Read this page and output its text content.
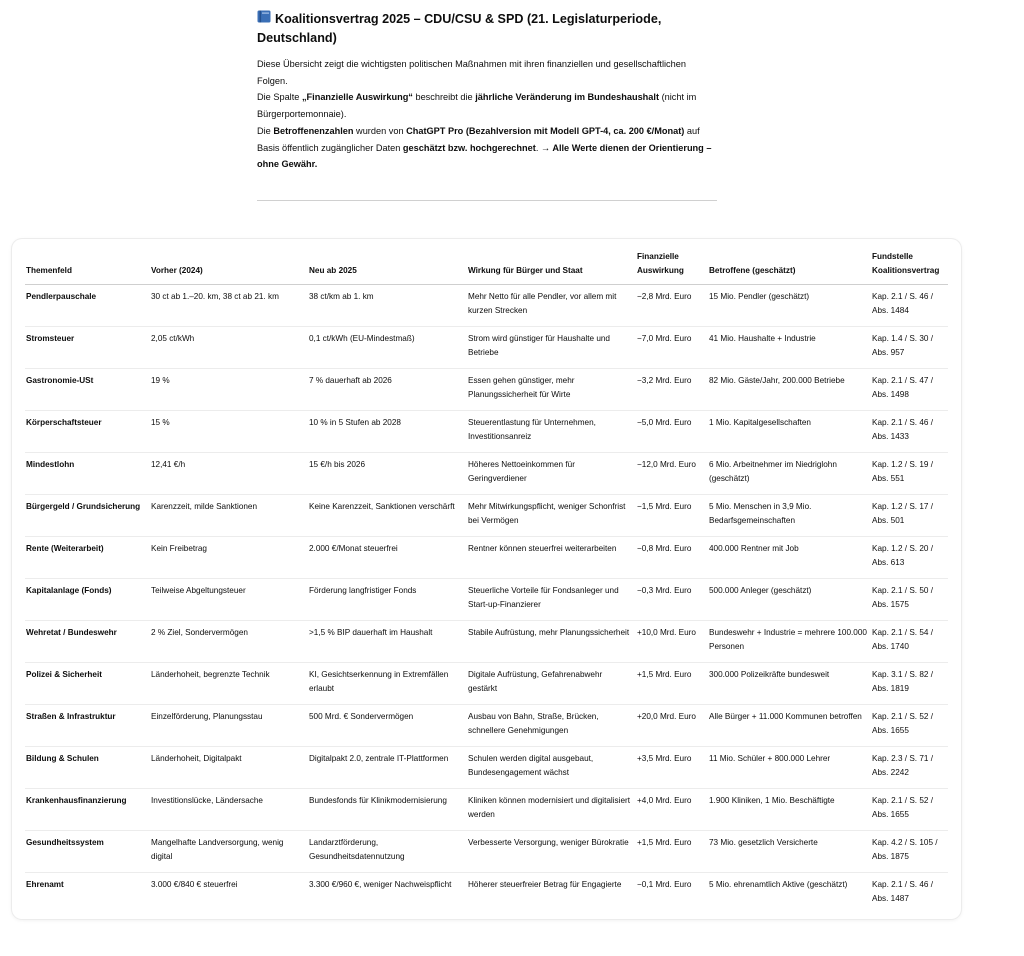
Koalitionsvertrag 2025 – CDU/CSU & SPD (21. Legislaturperiode, Deutschland)

Diese Übersicht zeigt die wichtigsten politischen Maßnahmen mit ihren finanziellen und gesellschaftlichen Folgen.

Die Spalte „Finanzielle Auswirkung“ beschreibt die jährliche Veränderung im Bundeshaushalt (nicht im Bürgerportemonnaie).

Die Betroffenenzahlen wurden von ChatGPT Pro (Bezahlversion mit Modell GPT-4, ca. 200 €/Monat) auf Basis öffentlich zugänglicher Daten geschätzt bzw. hochgerechnet. → Alle Werte dienen der Orientierung – ohne Gewähr.

Themenfeld	Vorher (2024)	Neu ab 2025	Wirkung für Bürger und Staat	Finanzielle Auswirkung	Betroffene (geschätzt)	Fundstelle Koalitionsvertrag
Pendlerpauschale	30 ct ab 1.–20. km, 38 ct ab 21. km	38 ct/km ab 1. km	Mehr Netto für alle Pendler, vor allem mit kurzen Strecken	−2,8 Mrd. Euro	15 Mio. Pendler (geschätzt)	Kap. 2.1 / S. 46 / Abs. 1484
Stromsteuer	2,05 ct/kWh	0,1 ct/kWh (EU-Mindestmaß)	Strom wird günstiger für Haushalte und Betriebe	−7,0 Mrd. Euro	41 Mio. Haushalte + Industrie	Kap. 1.4 / S. 30 / Abs. 957
Gastronomie-USt	19 %	7 % dauerhaft ab 2026	Essen gehen günstiger, mehr Planungssicherheit für Wirte	−3,2 Mrd. Euro	82 Mio. Gäste/Jahr, 200.000 Betriebe	Kap. 2.1 / S. 47 / Abs. 1498
Körperschaftsteuer	15 %	10 % in 5 Stufen ab 2028	Steuerentlastung für Unternehmen, Investitionsanreiz	−5,0 Mrd. Euro	1 Mio. Kapitalgesellschaften	Kap. 2.1 / S. 46 / Abs. 1433
Mindestlohn	12,41 €/h	15 €/h bis 2026	Höheres Nettoeinkommen für Geringverdiener	−12,0 Mrd. Euro	6 Mio. Arbeitnehmer im Niedriglohn (geschätzt)	Kap. 1.2 / S. 19 / Abs. 551
Bürgergeld / Grundsicherung	Karenzzeit, milde Sanktionen	Keine Karenzzeit, Sanktionen verschärft	Mehr Mitwirkungspflicht, weniger Schonfrist bei Vermögen	−1,5 Mrd. Euro	5 Mio. Menschen in 3,9 Mio. Bedarfsgemeinschaften	Kap. 1.2 / S. 17 / Abs. 501
Rente (Weiterarbeit)	Kein Freibetrag	2.000 €/Monat steuerfrei	Rentner können steuerfrei weiterarbeiten	−0,8 Mrd. Euro	400.000 Rentner mit Job	Kap. 1.2 / S. 20 / Abs. 613
Kapitalanlage (Fonds)	Teilweise Abgeltungsteuer	Förderung langfristiger Fonds	Steuerliche Vorteile für Fondsanleger und Start-up-Finanzierer	−0,3 Mrd. Euro	500.000 Anleger (geschätzt)	Kap. 2.1 / S. 50 / Abs. 1575
Wehretat / Bundeswehr	2 % Ziel, Sondervermögen	>1,5 % BIP dauerhaft im Haushalt	Stabile Aufrüstung, mehr Planungssicherheit	+10,0 Mrd. Euro	Bundeswehr + Industrie = mehrere 100.000 Personen	Kap. 2.1 / S. 54 / Abs. 1740
Polizei & Sicherheit	Länderhoheit, begrenzte Technik	KI, Gesichtserkennung in Extremfällen erlaubt	Digitale Aufrüstung, Gefahrenabwehr gestärkt	+1,5 Mrd. Euro	300.000 Polizeikräfte bundesweit	Kap. 3.1 / S. 82 / Abs. 1819
Straßen & Infrastruktur	Einzelförderung, Planungsstau	500 Mrd. € Sondervermögen	Ausbau von Bahn, Straße, Brücken, schnellere Genehmigungen	+20,0 Mrd. Euro	Alle Bürger + 11.000 Kommunen betroffen	Kap. 2.1 / S. 52 / Abs. 1655
Bildung & Schulen	Länderhoheit, Digitalpakt	Digitalpakt 2.0, zentrale IT-Plattformen	Schulen werden digital ausgebaut, Bundesengagement wächst	+3,5 Mrd. Euro	11 Mio. Schüler + 800.000 Lehrer	Kap. 2.3 / S. 71 / Abs. 2242
Krankenhausfinanzierung	Investitionslücke, Ländersache	Bundesfonds für Klinikmodernisierung	Kliniken können modernisiert und digitalisiert werden	+4,0 Mrd. Euro	1.900 Kliniken, 1 Mio. Beschäftigte	Kap. 2.1 / S. 52 / Abs. 1655
Gesundheitssystem	Mangelhafte Landversorgung, wenig digital	Landarztförderung, Gesundheitsdatennutzung	Verbesserte Versorgung, weniger Bürokratie	+1,5 Mrd. Euro	73 Mio. gesetzlich Versicherte	Kap. 4.2 / S. 105 / Abs. 1875
Ehrenamt	3.000 €/840 € steuerfrei	3.300 €/960 €, weniger Nachweispflicht	Höherer steuerfreier Betrag für Engagierte	−0,1 Mrd. Euro	5 Mio. ehrenamtlich Aktive (geschätzt)	Kap. 2.1 / S. 46 / Abs. 1487
